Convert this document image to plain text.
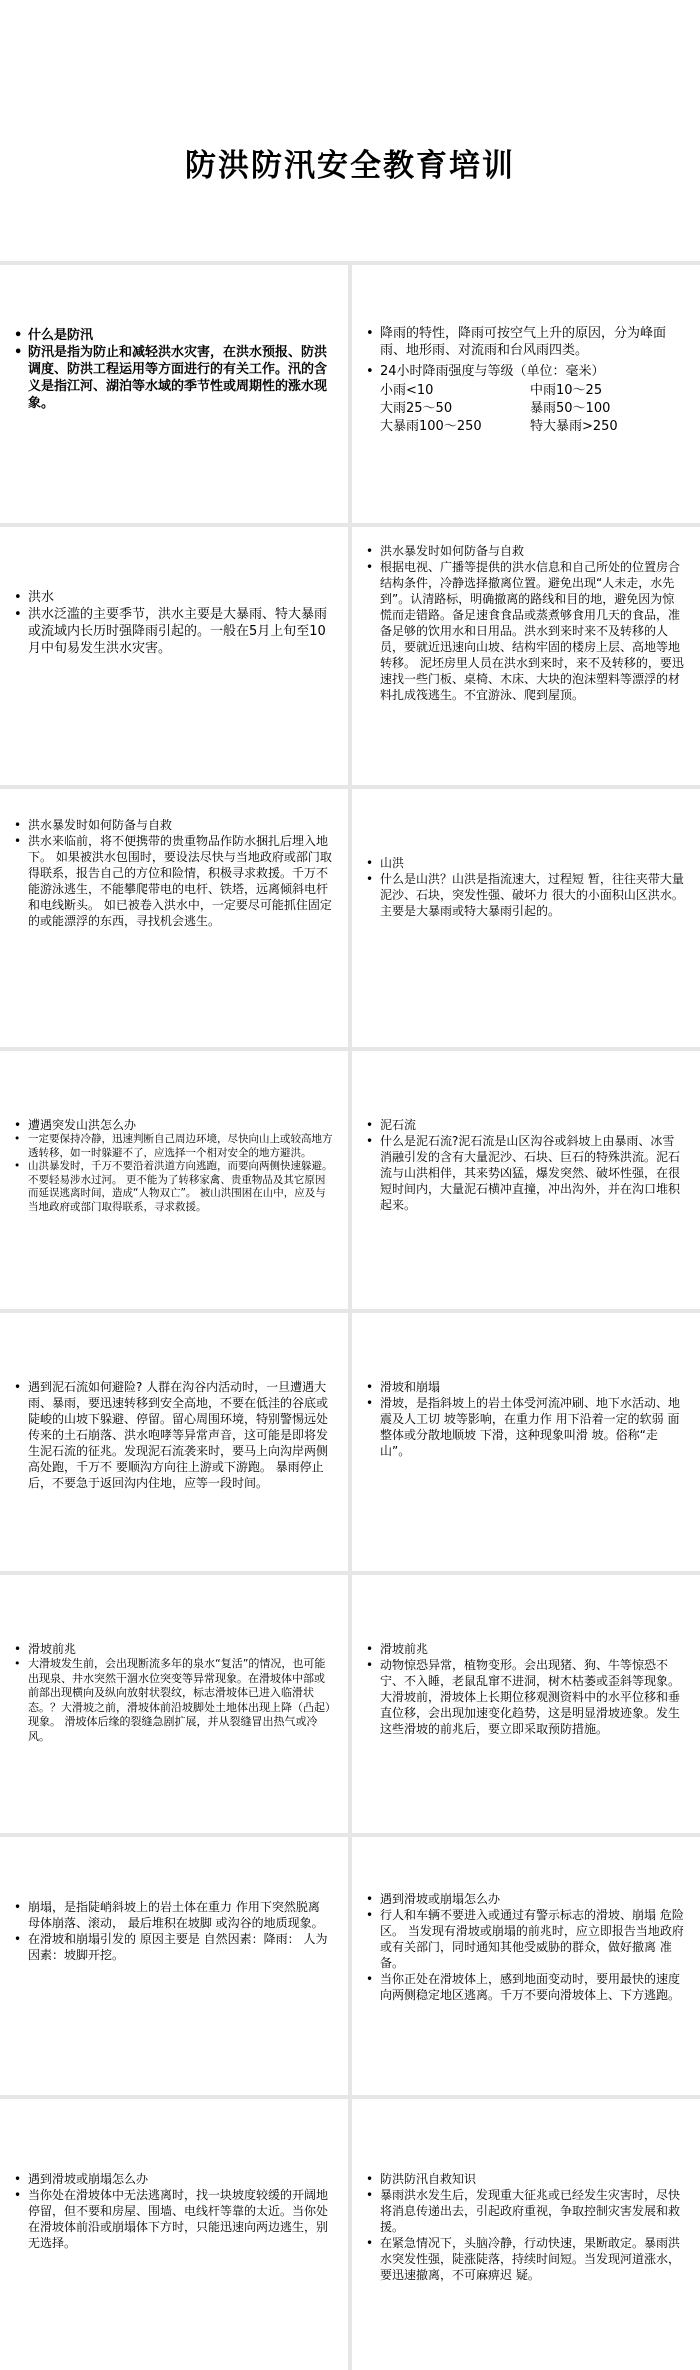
防洪防汛安全教育培训
• 什么是防汛
• 防汛是指为防止和减轻洪水灾害，在洪水预报、防洪调度、防洪工程运用等方面进行的有关工作。汛的含义是指江河、湖泊等水域的季节性或周期性的涨水现象。
• 降雨的特性，降雨可按空气上升的原因，分为峰面雨、地形雨、对流雨和台风雨四类。
• 24小时降雨强度与等级（单位：毫米）
小雨<10	中雨10～25
大雨25～50	暴雨50～100
大暴雨100～250	特大暴雨>250
• 洪水
• 洪水泛滥的主要季节，洪水主要是大暴雨、特大暴雨或流域内长历时强降雨引起的。一般在5月上旬至10月中旬易发生洪水灾害。
• 洪水暴发时如何防备与自救
• 根据电视、广播等提供的洪水信息和自己所处的位置房合结构条件，冷静选择撤离位置。避免出现“人未走，水先到”。认清路标，明确撤离的路线和目的地，避免因为惊慌而走错路。备足速食食品或蒸煮够食用几天的食品，准备足够的饮用水和日用品。洪水到来时来不及转移的人员，要就近迅速向山坡、结构牢固的楼房上层、高地等地转移。 泥坯房里人员在洪水到来时，来不及转移的，要迅速找一些门板、桌椅、木床、大块的泡沫塑料等漂浮的材料扎成筏逃生。不宜游泳、爬到屋顶。
• 洪水暴发时如何防备与自救
• 洪水来临前，将不便携带的贵重物品作防水捆扎后埋入地下。 如果被洪水包围时，要设法尽快与当地政府或部门取得联系，报告自己的方位和险情，积极寻求救援。千万不能游泳逃生，不能攀爬带电的电杆、铁塔，远离倾斜电杆和电线断头。 如已被卷入洪水中，一定要尽可能抓住固定的或能漂浮的东西，寻找机会逃生。
• 山洪
• 什么是山洪？山洪是指流速大，过程短 暂，往往夹带大量泥沙、石块，突发性强、破坏力 很大的小面积山区洪水。主要是大暴雨或特大暴雨引起的。
• 遭遇突发山洪怎么办
• 一定要保持冷静，迅速判断自己周边环境，尽快向山上或较高地方透转移，如一时躲避不了，应选择一个相对安全的地方避洪。
• 山洪暴发时，千万不要沿着洪道方向逃跑，而要向两侧快速躲避。不要轻易涉水过河。 更不能为了转移家禽、贵重物品及其它原因而延误逃离时间，造成“人物双亡”。 被山洪围困在山中，应及与当地政府或部门取得联系，寻求救援。
• 泥石流
• 什么是泥石流?泥石流是山区沟谷或斜坡上由暴雨、冰雪消融引发的含有大量泥沙、石块、巨石的特殊洪流。泥石流与山洪相伴，其来势凶猛，爆发突然、破坏性强，在很短时间内，大量泥石横冲直撞，冲出沟外，并在沟口堆积起来。
• 遇到泥石流如何避险? 人群在沟谷内活动时，一旦遭遇大雨、暴雨，要迅速转移到安全高地，不要在低洼的谷底或陡峻的山坡下躲避、停留。留心周围环境，特别警惕远处传来的土石崩落、洪水咆哮等异常声音，这可能是即将发生泥石流的征兆。发现泥石流袭来时，要马上向沟岸两侧高处跑，千万不 要顺沟方向往上游或下游跑。 暴雨停止后，不要急于返回沟内住地，应等一段时间。
• 滑坡和崩塌
• 滑坡，是指斜坡上的岩土体受河流冲刷、地下水活动、地震及人工切 坡等影响，在重力作 用下沿着一定的软弱 面整体或分散地顺坡 下滑，这种现象叫滑 坡。俗称“走山”。
• 滑坡前兆
• 大滑坡发生前，会出现断流多年的泉水“复活”的情况，也可能出现泉、井水突然干涸水位突变等异常现象。在滑坡体中部或前部出现横向及纵向放射状裂纹，标志滑坡体已进入临滑状态。？大滑坡之前，滑坡体前沿坡脚处土地体出现上降（凸起）现象。 滑坡体后缘的裂缝急剧扩展，并从裂缝冒出热气或冷风。
• 滑坡前兆
• 动物惊恐异常，植物变形。会出现猪、狗、牛等惊恐不宁、不入睡，老鼠乱窜不进洞，树木枯萎或歪斜等现象。大滑坡前，滑坡体上长期位移观测资料中的水平位移和垂直位移，会出现加速变化趋势，这是明显滑坡迹象。发生这些滑坡的前兆后，要立即采取预防措施。
• 崩塌，是指陡峭斜坡上的岩土体在重力 作用下突然脱离 母体崩落、滚动， 最后堆积在坡脚 或沟谷的地质现象。
• 在滑坡和崩塌引发的 原因主要是 自然因素：降雨： 人为因素：坡脚开挖。
• 遇到滑坡或崩塌怎么办
• 行人和车辆不要进入或通过有警示标志的滑坡、崩塌 危险区。 当发现有滑坡或崩塌的前兆时，应立即报告当地政府 或有关部门，同时通知其他受威胁的群众，做好撤离 准备。
• 当你正处在滑坡体上，感到地面变动时，要用最快的速度向两侧稳定地区逃离。千万不要向滑坡体上、下方逃跑。
• 遇到滑坡或崩塌怎么办
• 当你处在滑坡体中无法逃离时，找一块坡度较缓的开阔地停留，但不要和房屋、围墙、电线杆等靠的太近。当你处在滑坡体前沿或崩塌体下方时，只能迅速向两边逃生，别无选择。
• 防洪防汛自救知识
• 暴雨洪水发生后，发现重大征兆或已经发生灾害时，尽快将消息传递出去，引起政府重视，争取控制灾害发展和救援。
• 在紧急情况下，头脑冷静，行动快速，果断敢定。暴雨洪水突发性强，陡涨陡落，持续时间短。当发现河道涨水，要迅速撤离，不可麻痹迟 疑。
